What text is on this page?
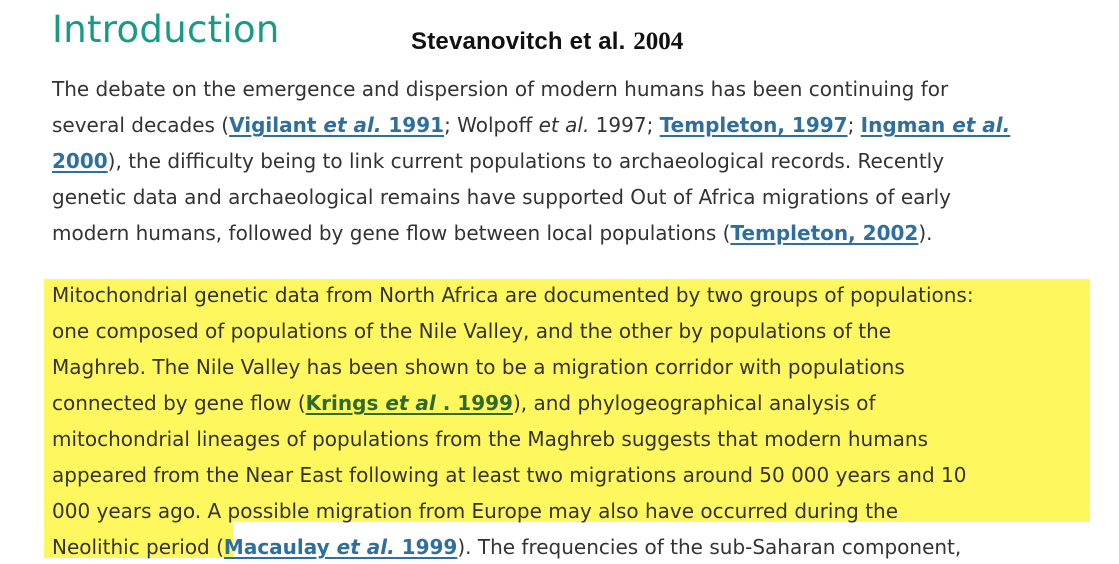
Introduction	Stevanovitch et al. 2004
The debate on the emergence and dispersion of modern humans has been continuing for
several decades (Vigilant et al. 1991; Wolpoff et al. 1997; Templeton, 1997; Ingman et al.
2000), the difficulty being to link current populations to archaeological records. Recently
genetic data and archaeological remains have supported Out of Africa migrations of early
modern humans, followed by gene flow between local populations (Templeton, 2002).
Mitochondrial genetic data from North Africa are documented by two groups of populations:
one composed of populations of the Nile Valley, and the other by populations of the
Maghreb. The Nile Valley has been shown to be a migration corridor with populations
connected by gene flow (Krings et al . 1999), and phylogeographical analysis of
mitochondrial lineages of populations from the Maghreb suggests that modern humans
appeared from the Near East following at least two migrations around 50 000 years and 10
000 years ago. A possible migration from Europe may also have occurred during the
Neolithic period (Macaulay et al. 1999). The frequencies of the sub-Saharan component,
